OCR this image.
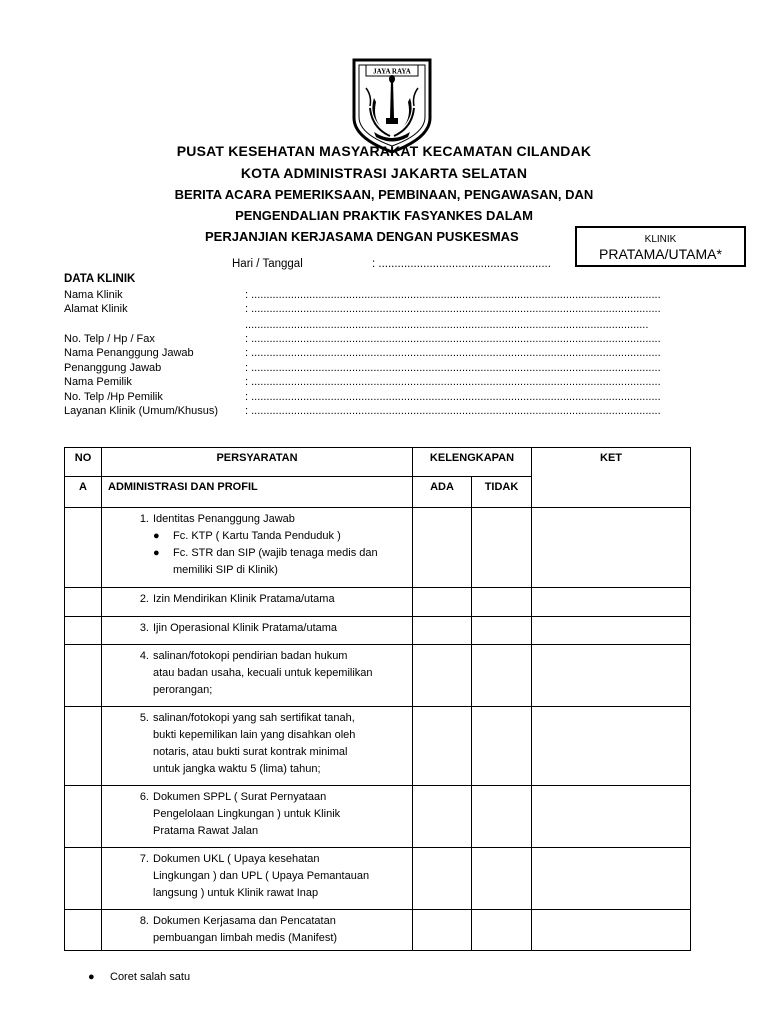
JAYA RAYA
PUSAT KESEHATAN MASYARAKAT KECAMATAN CILANDAK
KOTA ADMINISTRASI JAKARTA SELATAN
BERITA ACARA PEMERIKSAAN, PEMBINAAN, PENGAWASAN, DAN
PENGENDALIAN PRAKTIK FASYANKES DALAM
PERJANJIAN KERJASAMA DENGAN PUSKESMAS	KLINIK
PRATAMA/UTAMA*
Hari / Tanggal	: ......................................................
DATA KLINIK
Nama Klinik	: ......................................................................................................................................
Alamat Klinik	: ......................................................................................................................................
....................................................................................................................................
No. Telp / Hp / Fax	: ......................................................................................................................................
Nama Penanggung Jawab	: ......................................................................................................................................
Penanggung Jawab	: ......................................................................................................................................
Nama Pemilik	: ......................................................................................................................................
No. Telp /Hp Pemilik	: ......................................................................................................................................
Layanan Klinik (Umum/Khusus) : ......................................................................................................................................
NO	PERSYARATAN	KELENGKAPAN		KET
A	ADMINISTRASI DAN PROFIL	ADA	TIDAK	

	1. Identitas Penanggung Jawab
● Fc. KTP ( Kartu Tanda Penduduk )
● Fc. STR dan SIP (wajib tenaga medis dan
memiliki SIP di Klinik)			

	2. Izin Mendirikan Klinik Pratama/utama			
	3. Ijin Operasional Klinik Pratama/utama			

	4. salinan/fotokopi pendirian badan hukum
atau badan usaha, kecuali untuk kepemilikan
perorangan;			

	5. salinan/fotokopi yang sah sertifikat tanah,
bukti kepemilikan lain yang disahkan oleh
notaris, atau bukti surat kontrak minimal
untuk jangka waktu 5 (lima) tahun;			

	6. Dokumen SPPL ( Surat Pernyataan
Pengelolaan Lingkungan ) untuk Klinik
Pratama Rawat Jalan			

	7. Dokumen UKL ( Upaya kesehatan
Lingkungan ) dan UPL ( Upaya Pemantauan
langsung ) untuk Klinik rawat Inap			

	8. Dokumen Kerjasama dan Pencatatan
pembuangan limbah medis (Manifest)			

● Coret salah satu
